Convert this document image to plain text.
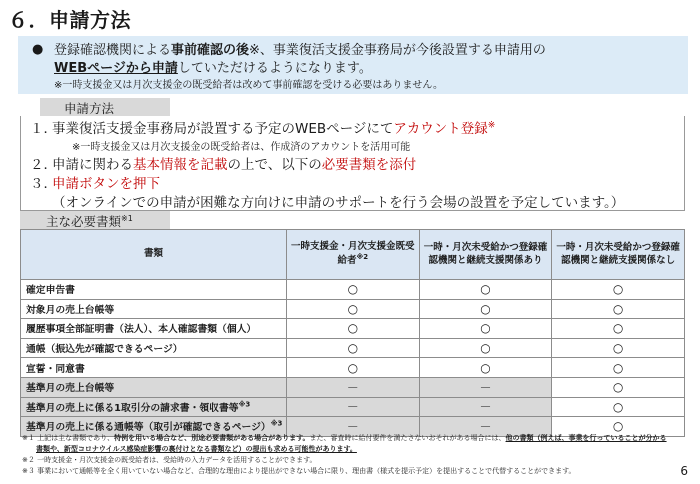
６．申請方法
● 登録確認機関による事前確認の後※、事業復活支援金事務局が今後設置する申請用の
WEBページから申請していただけるようになります。
※一時支援金又は月次支援金の既受給者は改めて事前確認を受ける必要はありません。
申請方法
１．事業復活支援金事務局が設置する予定のWEBページにてアカウント登録※
※一時支援金又は月次支援金の既受給者は、作成済のアカウントを活用可能
２．申請に関わる基本情報を記載の上で、以下の必要書類を添付
３．申請ボタンを押下
（オンラインでの申請が困難な方向けに申請のサポートを行う会場の設置を予定しています。）
主な必要書類$^{※1}$
書類	一時支援金・月次支援金既受給者$^{※2}$	一時・月次未受給かつ登録確認機関と継続支援関係あり	一時・月次未受給かつ登録確認機関と継続支援関係なし
確定申告書	○	○	○
対象月の売上台帳等	○	○	○
履歴事項全部証明書（法人）、本人確認書類（個人）	○	○	○
通帳（振込先が確認できるページ）	○	○	○
宣誓・同意書	○	○	○
基準月の売上台帳等	－	－	○
基準月の売上に係る1取引分の請求書・領収書等$^{※3}$	－	－	○
基準月の売上に係る通帳等（取引が確認できるページ）$^{※3}$	－	－	○
※１ 上記は主な書類であり、特例を用いる場合など、別途必要書類がある場合があります。また、審査時に給付要件を満たさないおそれがある場合には、他の書類（例えば、事業を行っていることが分かる
書類や、新型コロナウイルス感染症影響の裏付けとなる書類など）の提出も求める可能性があります。
※２ 一時支援金・月次支援金の既受給者は、受給時の入力データを活用することができます。
※３ 事業において通帳等を全く用いていない場合など、合理的な理由により提出ができない場合に限り、理由書（様式を提示予定）を提出することで代替することができます。	6
